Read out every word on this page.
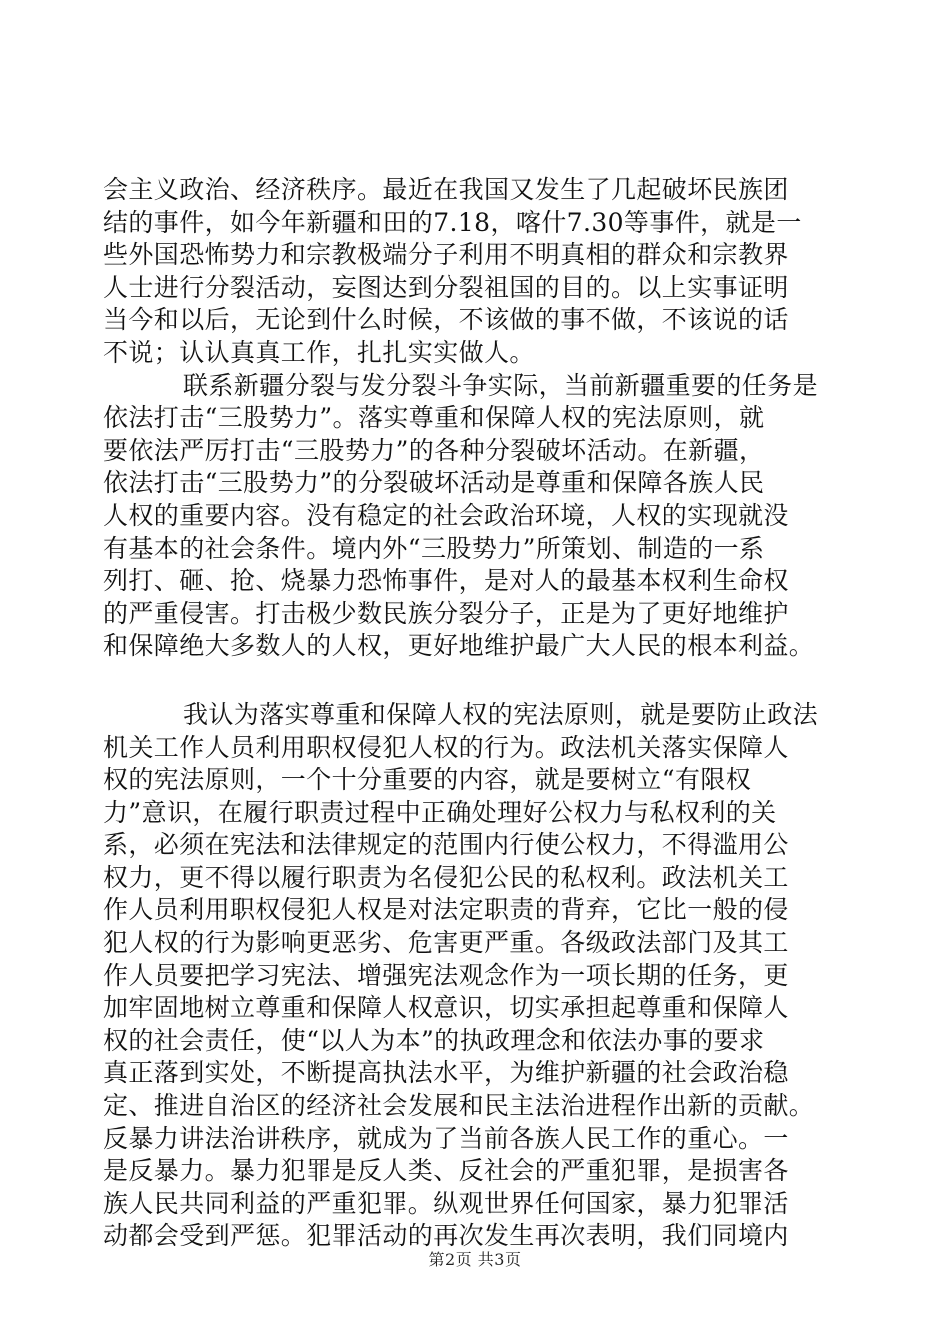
会主义政治、经济秩序。最近在我国又发生了几起破坏民族团
结的事件，如今年新疆和田的7.18，喀什7.30等事件，就是一
些外国恐怖势力和宗教极端分子利用不明真相的群众和宗教界
人士进行分裂活动，妄图达到分裂祖国的目的。以上实事证明
当今和以后，无论到什么时候，不该做的事不做，不该说的话
不说；认认真真工作，扎扎实实做人。
联系新疆分裂与发分裂斗争实际，当前新疆重要的任务是
依法打击“三股势力”。落实尊重和保障人权的宪法原则，就
要依法严厉打击“三股势力”的各种分裂破坏活动。在新疆，
依法打击“三股势力”的分裂破坏活动是尊重和保障各族人民
人权的重要内容。没有稳定的社会政治环境，人权的实现就没
有基本的社会条件。境内外“三股势力”所策划、制造的一系
列打、砸、抢、烧暴力恐怖事件，是对人的最基本权利生命权
的严重侵害。打击极少数民族分裂分子，正是为了更好地维护
和保障绝大多数人的人权，更好地维护最广大人民的根本利益。
我认为落实尊重和保障人权的宪法原则，就是要防止政法
机关工作人员利用职权侵犯人权的行为。政法机关落实保障人
权的宪法原则，一个十分重要的内容，就是要树立“有限权
力”意识，在履行职责过程中正确处理好公权力与私权利的关
系，必须在宪法和法律规定的范围内行使公权力，不得滥用公
权力，更不得以履行职责为名侵犯公民的私权利。政法机关工
作人员利用职权侵犯人权是对法定职责的背弃，它比一般的侵
犯人权的行为影响更恶劣、危害更严重。各级政法部门及其工
作人员要把学习宪法、增强宪法观念作为一项长期的任务，更
加牢固地树立尊重和保障人权意识，切实承担起尊重和保障人
权的社会责任，使“以人为本”的执政理念和依法办事的要求
真正落到实处，不断提高执法水平，为维护新疆的社会政治稳
定、推进自治区的经济社会发展和民主法治进程作出新的贡献。
反暴力讲法治讲秩序，就成为了当前各族人民工作的重心。一
是反暴力。暴力犯罪是反人类、反社会的严重犯罪，是损害各
族人民共同利益的严重犯罪。纵观世界任何国家，暴力犯罪活
动都会受到严惩。犯罪活动的再次发生再次表明，我们同境内
第2页 共3页
